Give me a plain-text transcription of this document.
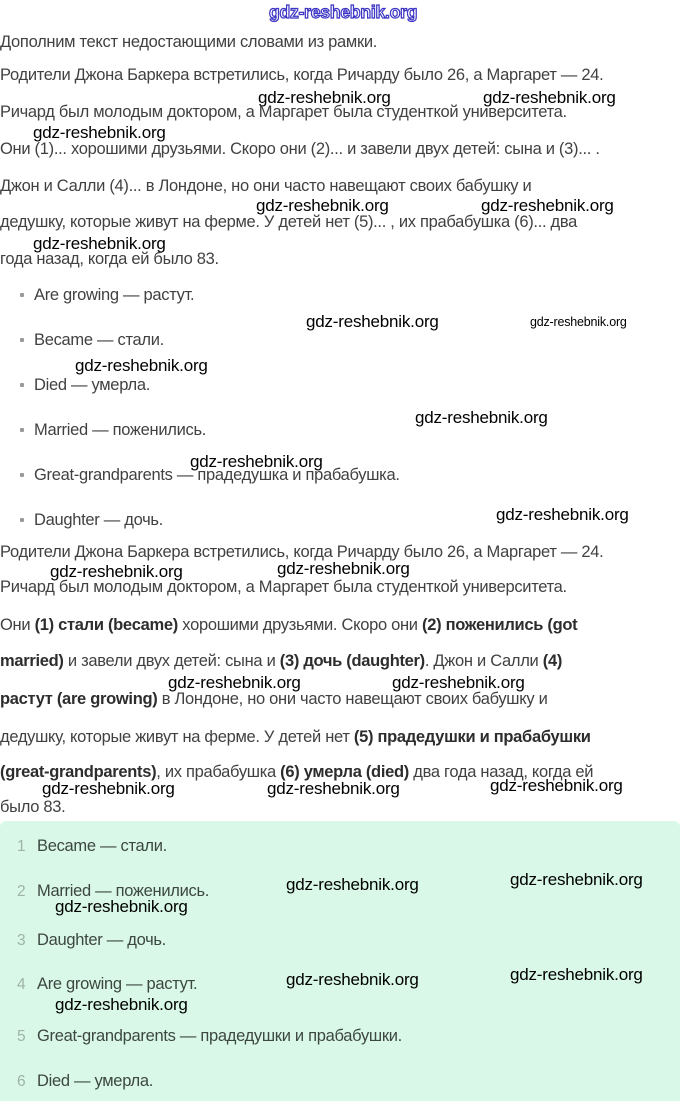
gdz-reshebnik.org
Дополним текст недостающими словами из рамки.
Родители Джона Баркера встретились, когда Ричарду было 26, а Маргарет — 24.
gdz-reshebnik.org	gdz-reshebnik.org
Ричард был молодым доктором, а Маргарет была студенткой университета.
gdz-reshebnik.org
Они (1)... хорошими друзьями. Скоро они (2)... и завели двух детей: сына и (3)... .
Джон и Салли (4)... в Лондоне, но они часто навещают своих бабушку и
gdz-reshebnik.org	gdz-reshebnik.org
дедушку, которые живут на ферме. У детей нет (5)... , их прабабушка (6)... два
gdz-reshebnik.org
года назад, когда ей было 83.
Are growing — растут.
gdz-reshebnik.org	gdz-reshebnik.org
Became — стали.
gdz-reshebnik.org
Died — умерла.
gdz-reshebnik.org
Married — поженились.
gdz-reshebnik.org
Great-grandparents — прадедушка и прабабушка.
gdz-reshebnik.org
Daughter — дочь.
Родители Джона Баркера встретились, когда Ричарду было 26, а Маргарет — 24.
gdz-reshebnik.org	gdz-reshebnik.org
Ричард был молодым доктором, а Маргарет была студенткой университета.
Они (1) стали (became) хорошими друзьями. Скоро они (2) поженились (got
married) и завели двух детей: сына и (3) дочь (daughter). Джон и Салли (4)
gdz-reshebnik.org	gdz-reshebnik.org
растут (are growing) в Лондоне, но они часто навещают своих бабушку и
дедушку, которые живут на ферме. У детей нет (5) прадедушки и прабабушки
(great-grandparents), их прабабушка (6) умерла (died) два года назад, когда ей
gdz-reshebnik.org	gdz-reshebnik.org	gdz-reshebnik.org
было 83.
1 Became — стали.
gdz-reshebnik.org	gdz-reshebnik.org
2 Married — поженились.
gdz-reshebnik.org
3 Daughter — дочь.
gdz-reshebnik.org	gdz-reshebnik.org
4 Are growing — растут.
gdz-reshebnik.org
5 Great-grandparents — прадедушки и прабабушки.
6 Died — умерла.
